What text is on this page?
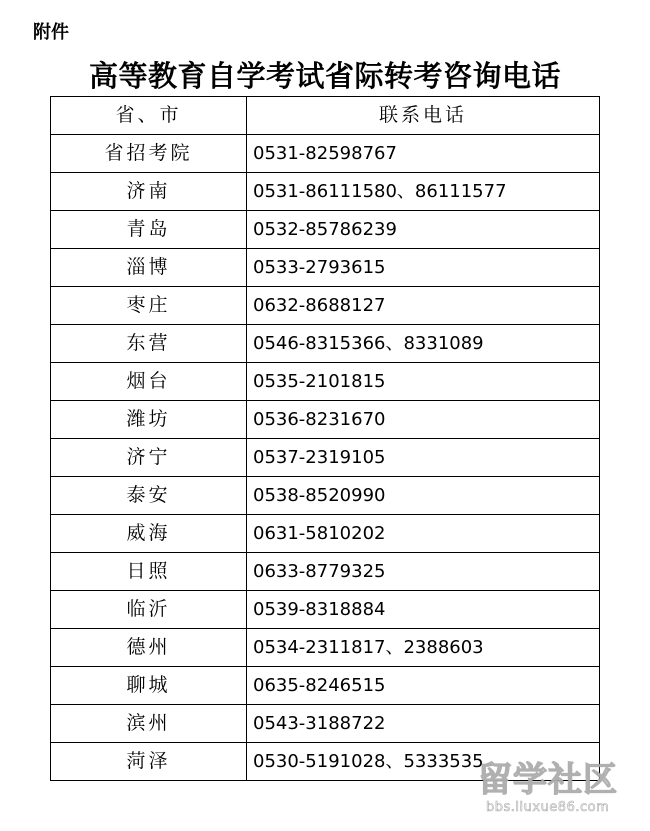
附件
高等教育自学考试省际转考咨询电话
省、市	联系电话
省招考院	0531-82598767
济南	0531-86111580、86111577
青岛	0532-85786239
淄博	0533-2793615
枣庄	0632-8688127
东营	0546-8315366、8331089
烟台	0535-2101815
潍坊	0536-8231670
济宁	0537-2319105
泰安	0538-8520990
威海	0631-5810202
日照	0633-8779325
临沂	0539-8318884
德州	0534-2311817、2388603
聊城	0635-8246515
滨州	0543-3188722
菏泽	0530-5191028、5333535
留学社区
bbs.liuxue86.com
